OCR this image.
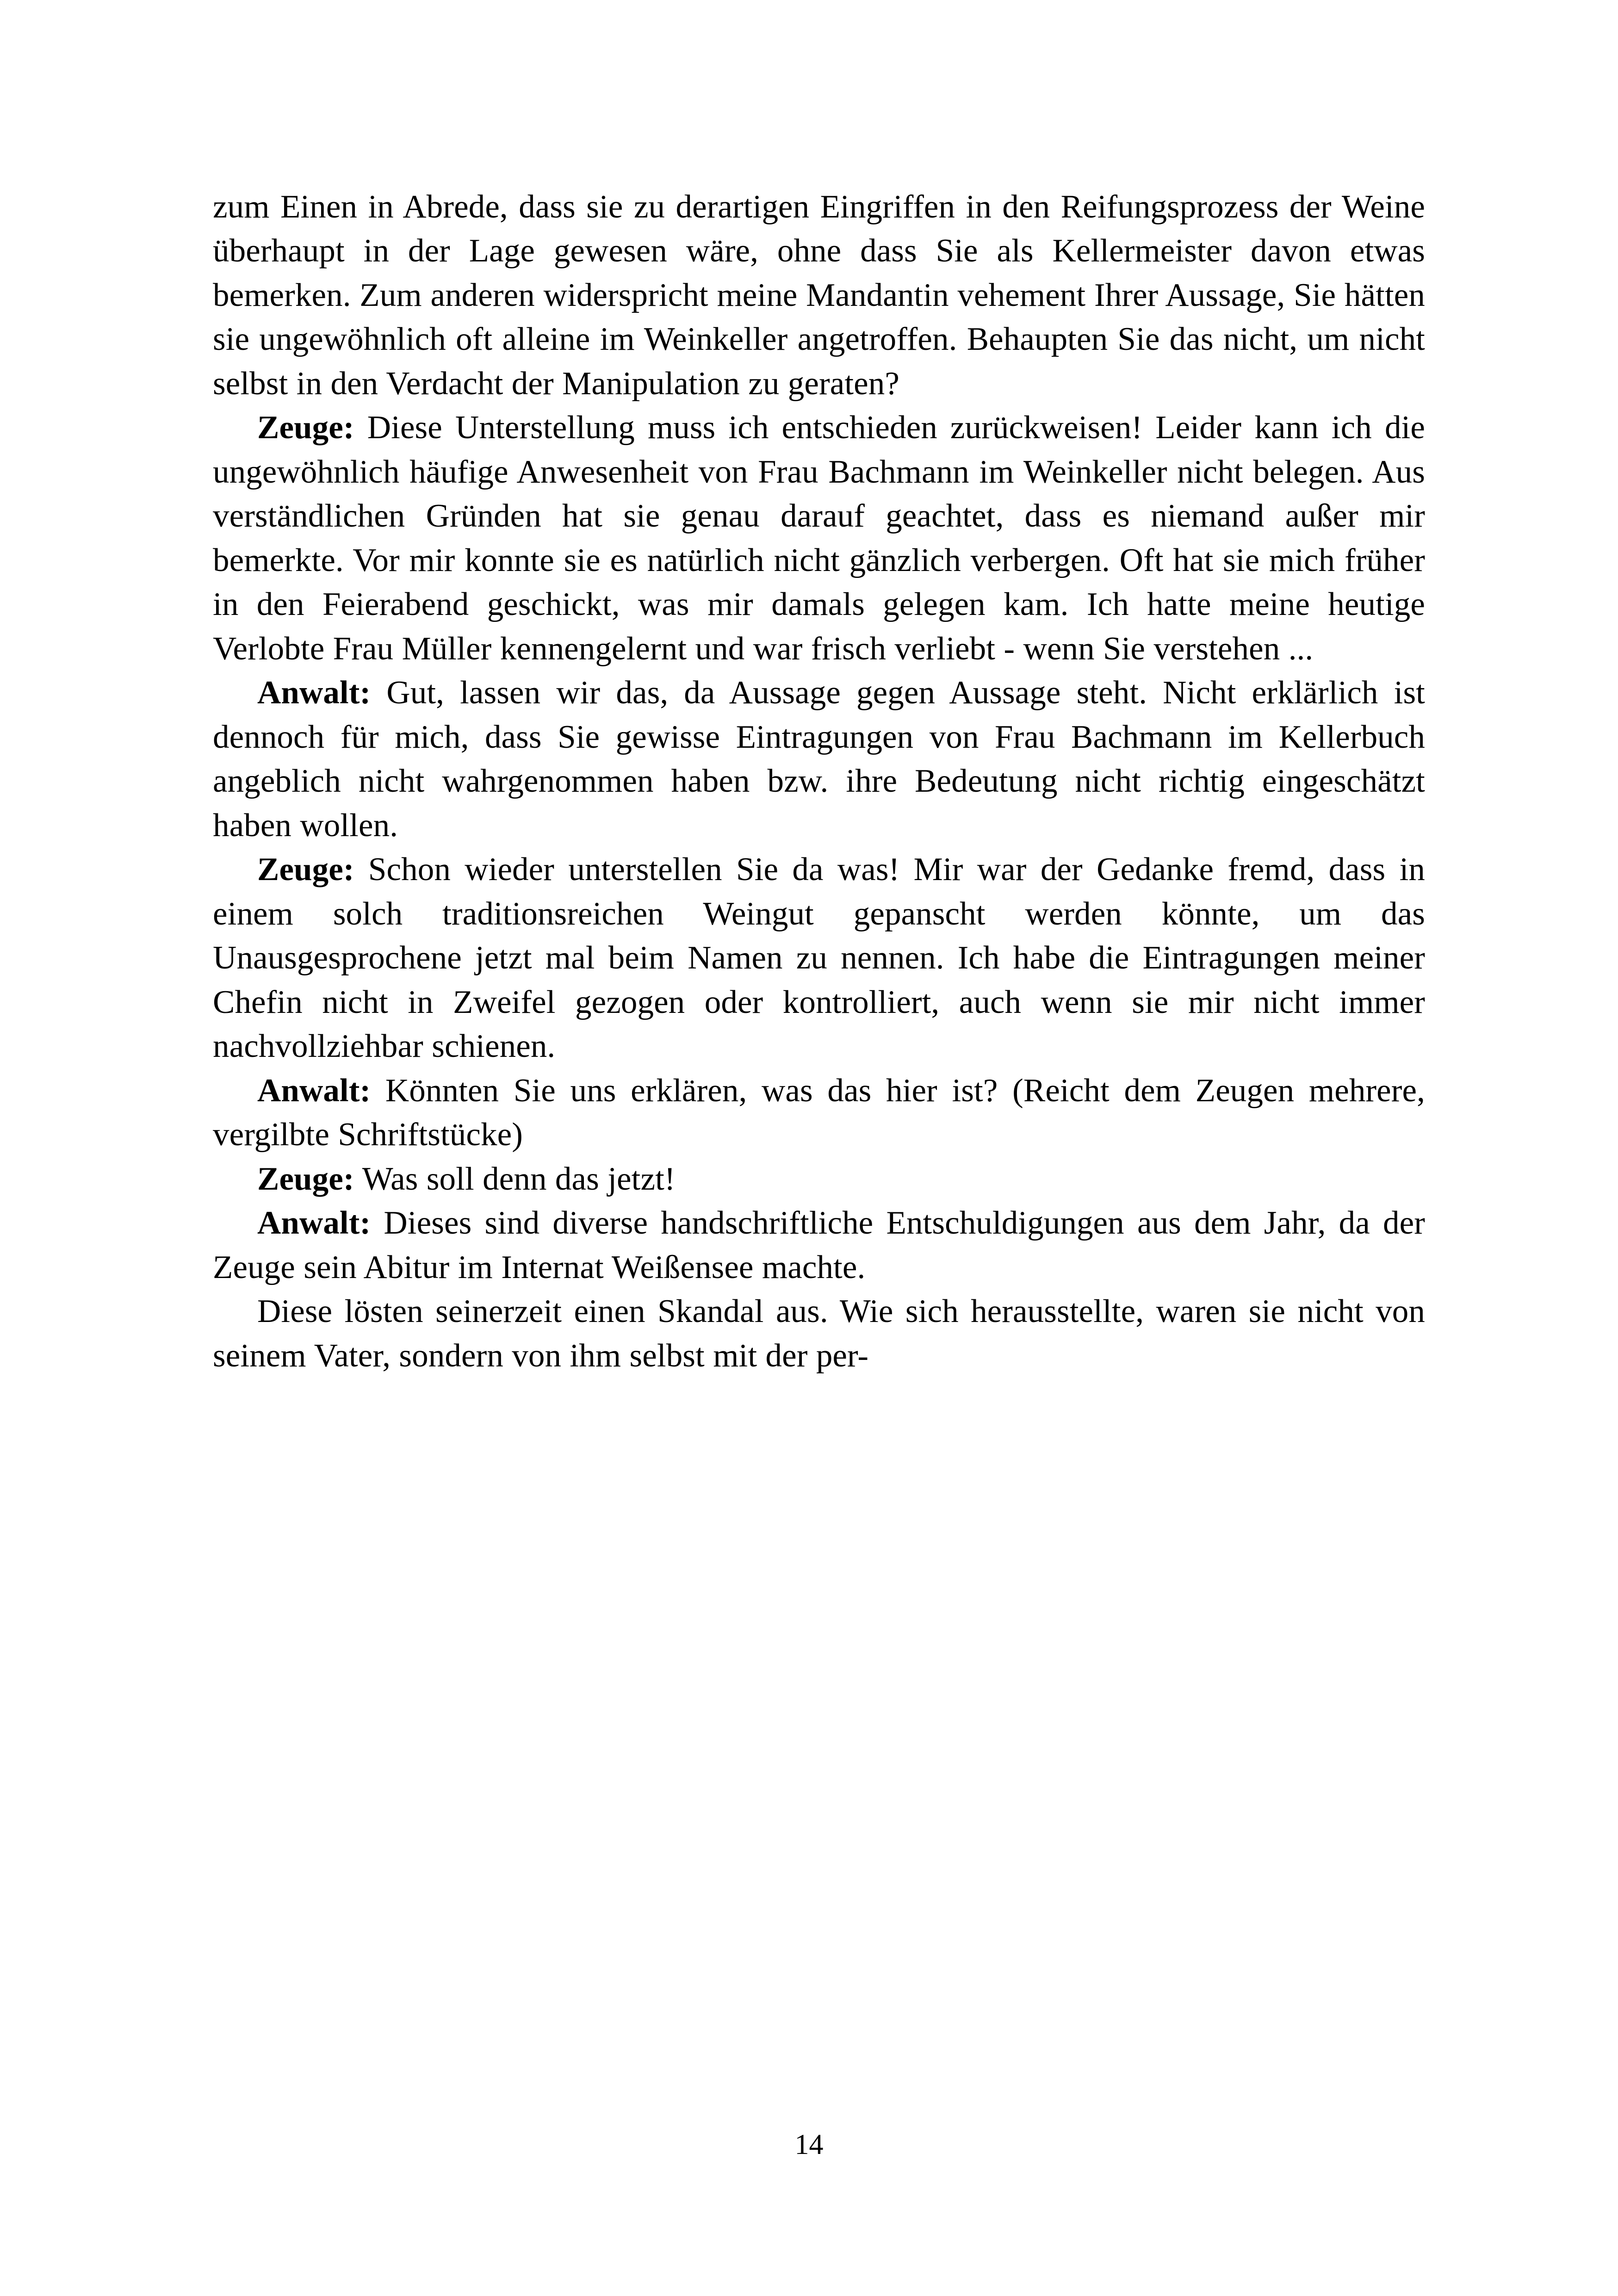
zum Einen in Abrede, dass sie zu derartigen Eingriffen in den Reifungsprozess der Weine überhaupt in der Lage gewesen wäre, ohne dass Sie als Kellermeister davon etwas bemerken. Zum anderen widerspricht meine Mandantin vehement Ihrer Aussage, Sie hätten sie ungewöhnlich oft alleine im Weinkeller angetroffen. Behaupten Sie das nicht, um nicht selbst in den Verdacht der Manipulation zu geraten?

Zeuge: Diese Unterstellung muss ich entschieden zurückweisen! Leider kann ich die ungewöhnlich häufige Anwesenheit von Frau Bachmann im Weinkeller nicht belegen. Aus verständlichen Gründen hat sie genau darauf geachtet, dass es niemand außer mir bemerkte. Vor mir konnte sie es natürlich nicht gänzlich verbergen. Oft hat sie mich früher in den Feierabend geschickt, was mir damals gelegen kam. Ich hatte meine heutige Verlobte Frau Müller kennengelernt und war frisch verliebt - wenn Sie verstehen ...

Anwalt: Gut, lassen wir das, da Aussage gegen Aussage steht. Nicht erklärlich ist dennoch für mich, dass Sie gewisse Eintragungen von Frau Bachmann im Kellerbuch angeblich nicht wahrgenommen haben bzw. ihre Bedeutung nicht richtig eingeschätzt haben wollen.

Zeuge: Schon wieder unterstellen Sie da was! Mir war der Gedanke fremd, dass in einem solch traditionsreichen Weingut gepanscht werden könnte, um das Unausgesprochene jetzt mal beim Namen zu nennen. Ich habe die Eintragungen meiner Chefin nicht in Zweifel gezogen oder kontrolliert, auch wenn sie mir nicht immer nachvollziehbar schienen.

Anwalt: Könnten Sie uns erklären, was das hier ist? (Reicht dem Zeugen mehrere, vergilbte Schriftstücke)

Zeuge: Was soll denn das jetzt!

Anwalt: Dieses sind diverse handschriftliche Entschuldigungen aus dem Jahr, da der Zeuge sein Abitur im Internat Weißensee machte.

Diese lösten seinerzeit einen Skandal aus. Wie sich herausstellte, waren sie nicht von seinem Vater, sondern von ihm selbst mit der per-

14
